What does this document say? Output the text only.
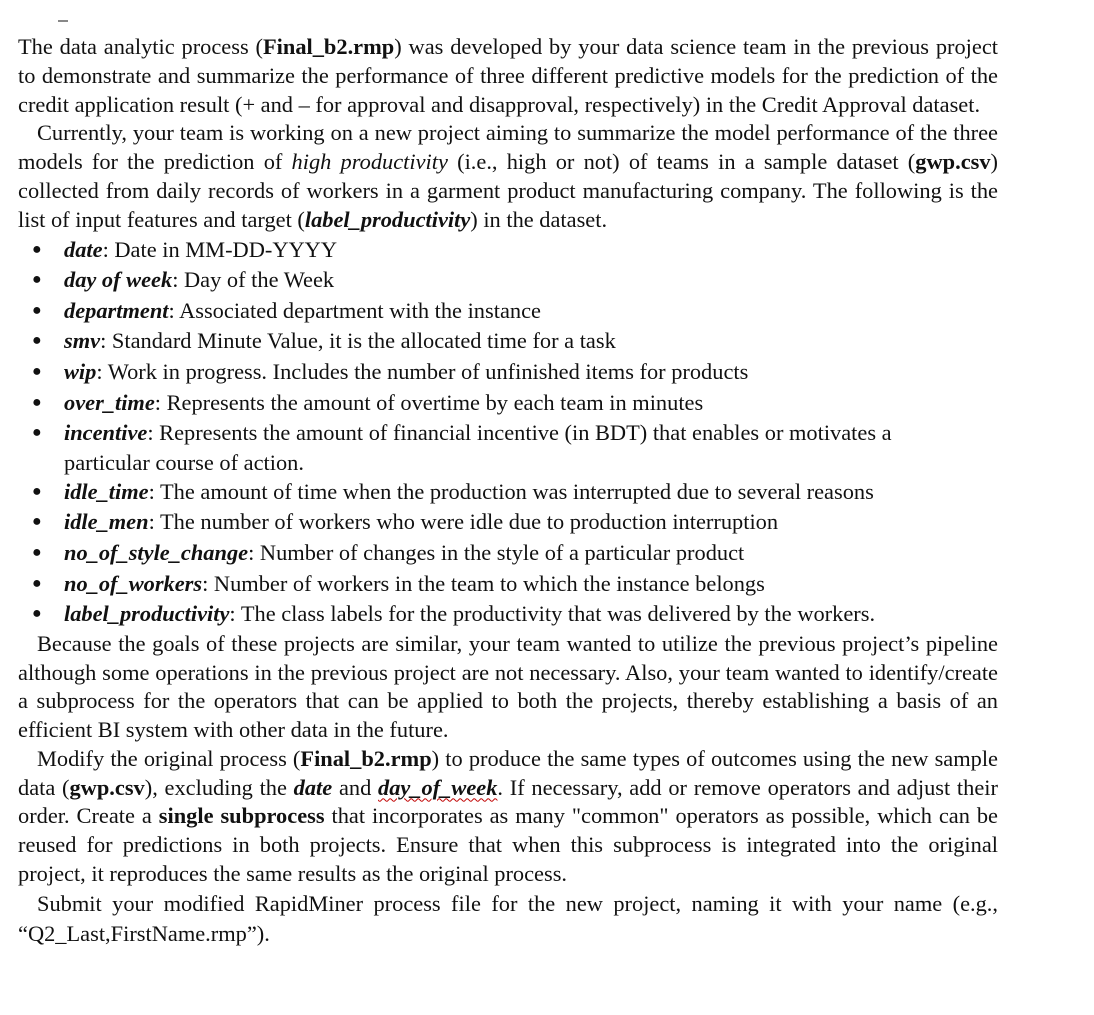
The data analytic process (Final_b2.rmp) was developed by your data science team in the previous project to demonstrate and summarize the performance of three different predictive models for the prediction of the credit application result (+ and – for approval and disapproval, respectively) in the Credit Approval dataset.

Currently, your team is working on a new project aiming to summarize the model performance of the three models for the prediction of high productivity (i.e., high or not) of teams in a sample dataset (gwp.csv) collected from daily records of workers in a garment product manufacturing company. The following is the list of input features and target (label_productivity) in the dataset.

● date: Date in MM-DD-YYYY
● day of week: Day of the Week
● department: Associated department with the instance
● smv: Standard Minute Value, it is the allocated time for a task
● wip: Work in progress. Includes the number of unfinished items for products
● over_time: Represents the amount of overtime by each team in minutes
● incentive: Represents the amount of financial incentive (in BDT) that enables or motivates a
particular course of action.
● idle_time: The amount of time when the production was interrupted due to several reasons
● idle_men: The number of workers who were idle due to production interruption
● no_of_style_change: Number of changes in the style of a particular product
● no_of_workers: Number of workers in the team to which the instance belongs
● label_productivity: The class labels for the productivity that was delivered by the workers.

Because the goals of these projects are similar, your team wanted to utilize the previous project’s pipeline although some operations in the previous project are not necessary. Also, your team wanted to identify/create a subprocess for the operators that can be applied to both the projects, thereby establishing a basis of an efficient BI system with other data in the future.

Modify the original process (Final_b2.rmp) to produce the same types of outcomes using the new sample data (gwp.csv), excluding the date and day_of_week. If necessary, add or remove operators and adjust their order. Create a single subprocess that incorporates as many "common" operators as possible, which can be reused for predictions in both projects. Ensure that when this subprocess is integrated into the original project, it reproduces the same results as the original process.

Submit your modified RapidMiner process file for the new project, naming it with your name (e.g., “Q2_Last,FirstName.rmp”).
